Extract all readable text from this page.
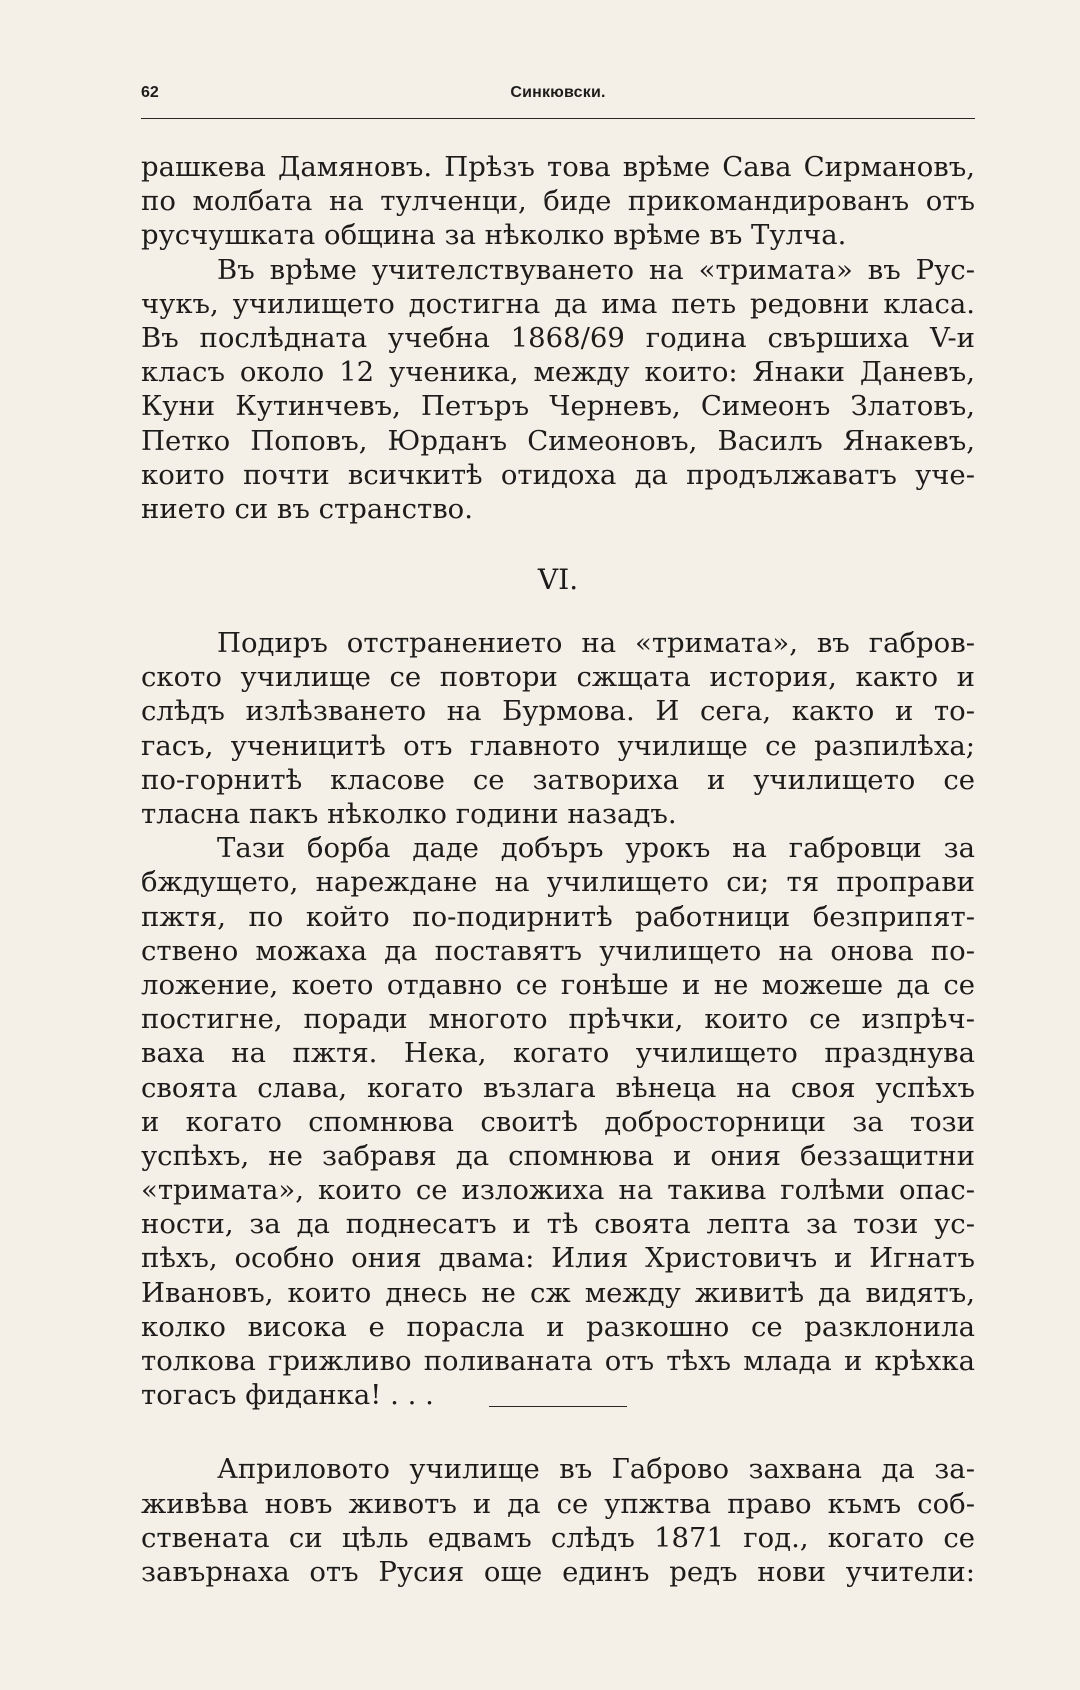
62	Синкювски.
рашкева Дамяновъ. Прѣзъ това врѣме Сава Сирмановъ,
по молбата на тулченци, биде прикомандированъ отъ
русчушката община за нѣколко врѣме въ Тулча.
Въ врѣме учителствуването на «тримата» въ Рус-
чукъ, училището достигна да има петь редовни класа.
Въ послѣдната учебна 1868/69 година свършиха V-и
класъ около 12 ученика, между които: Янаки Даневъ,
Куни Кутинчевъ, Петъръ Черневъ, Симеонъ Златовъ,
Петко Поповъ, Юрданъ Симеоновъ, Василъ Янакевъ,
които почти всичкитѣ отидоха да продължаватъ уче-
нието си въ странство.
VI.
Подиръ отстранението на «тримата», въ габров-
ското училище се повтори сжщата история, както и
слѣдъ излѣзването на Бурмова. И сега, както и то-
гасъ, ученицитѣ отъ главното училище се разпилѣха;
по-горнитѣ класове се затвориха и училището се
тласна пакъ нѣколко години назадъ.
Тази борба даде добъръ урокъ на габровци за
бждущето, нареждане на училището си; тя проправи
пжтя, по който по-подирнитѣ работници безприпят-
ствено можаха да поставятъ училището на онова по-
ложение, което отдавно се гонѣше и не можеше да се
постигне, поради многото прѣчки, които се изпрѣч-
ваха на пжтя. Нека, когато училището празднува
своята слава, когато възлага вѣнеца на своя успѣхъ
и когато спомнюва своитѣ добросторници за този
успѣхъ, не забравя да спомнюва и ония беззащитни
«тримата», които се изложиха на такива голѣми опас-
ности, за да поднесатъ и тѣ своята лепта за този ус-
пѣхъ, особно ония двама: Илия Христовичъ и Игнатъ
Ивановъ, които днесь не сж между живитѣ да видятъ,
колко висока е порасла и разкошно се разклонила
толкова грижливо поливаната отъ тѣхъ млада и крѣхка
тогасъ фиданка! . . .
Априловото училище въ Габрово захвана да за-
живѣва новъ животъ и да се упжтва право къмъ соб-
ствената си цѣль едвамъ слѣдъ 1871 год., когато се
завърнаха отъ Русия още единъ редъ нови учители:
